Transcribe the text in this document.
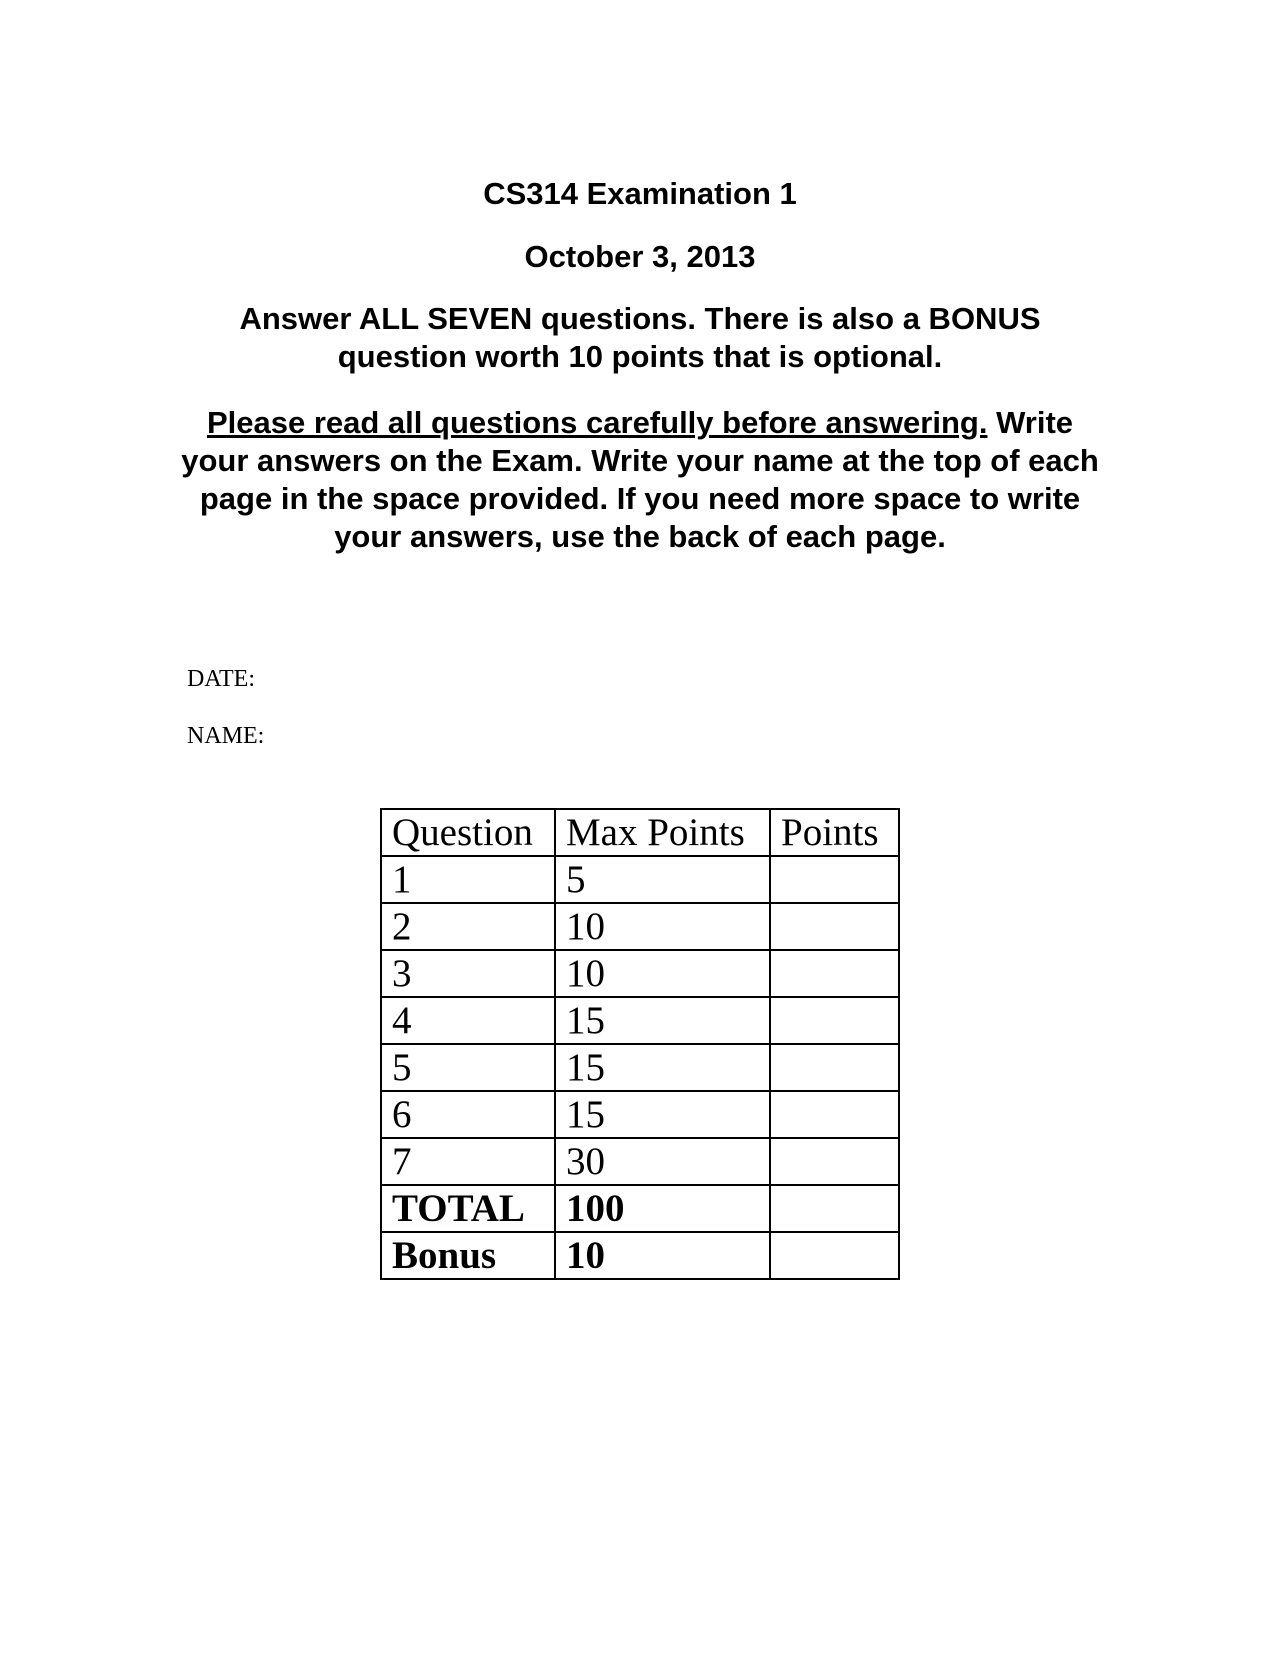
CS314 Examination 1
October 3, 2013
Answer ALL SEVEN questions. There is also a BONUS question worth 10 points that is optional.
Please read all questions carefully before answering. Write your answers on the Exam. Write your name at the top of each page in the space provided. If you need more space to write your answers, use the back of each page.
DATE:
NAME:
Question	Max Points	Points
1	5	
2	10	
3	10	
4	15	
5	15	
6	15	
7	30	
TOTAL	100	
Bonus	10	
